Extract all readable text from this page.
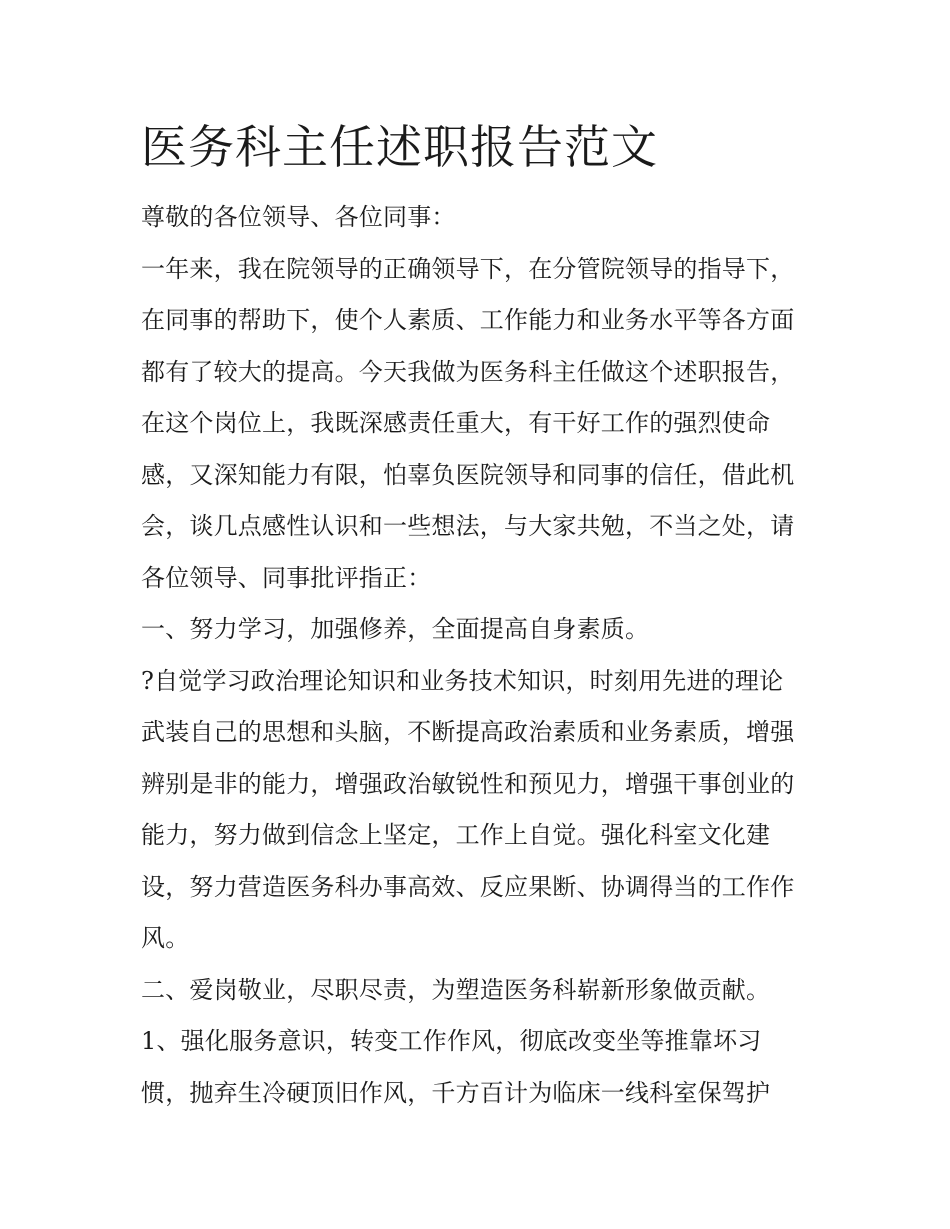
医务科主任述职报告范文
尊敬的各位领导、各位同事：
一年来，我在院领导的正确领导下，在分管院领导的指导下，
在同事的帮助下，使个人素质、工作能力和业务水平等各方面
都有了较大的提高。今天我做为医务科主任做这个述职报告，
在这个岗位上，我既深感责任重大，有干好工作的强烈使命
感，又深知能力有限，怕辜负医院领导和同事的信任，借此机
会，谈几点感性认识和一些想法，与大家共勉，不当之处，请
各位领导、同事批评指正：
一、努力学习，加强修养，全面提高自身素质。
?自觉学习政治理论知识和业务技术知识，时刻用先进的理论
武装自己的思想和头脑，不断提高政治素质和业务素质，增强
辨别是非的能力，增强政治敏锐性和预见力，增强干事创业的
能力，努力做到信念上坚定，工作上自觉。强化科室文化建
设，努力营造医务科办事高效、反应果断、协调得当的工作作
风。
二、爱岗敬业，尽职尽责，为塑造医务科崭新形象做贡献。
1、强化服务意识，转变工作作风，彻底改变坐等推靠坏习
惯，抛弃生冷硬顶旧作风，千方百计为临床一线科室保驾护
